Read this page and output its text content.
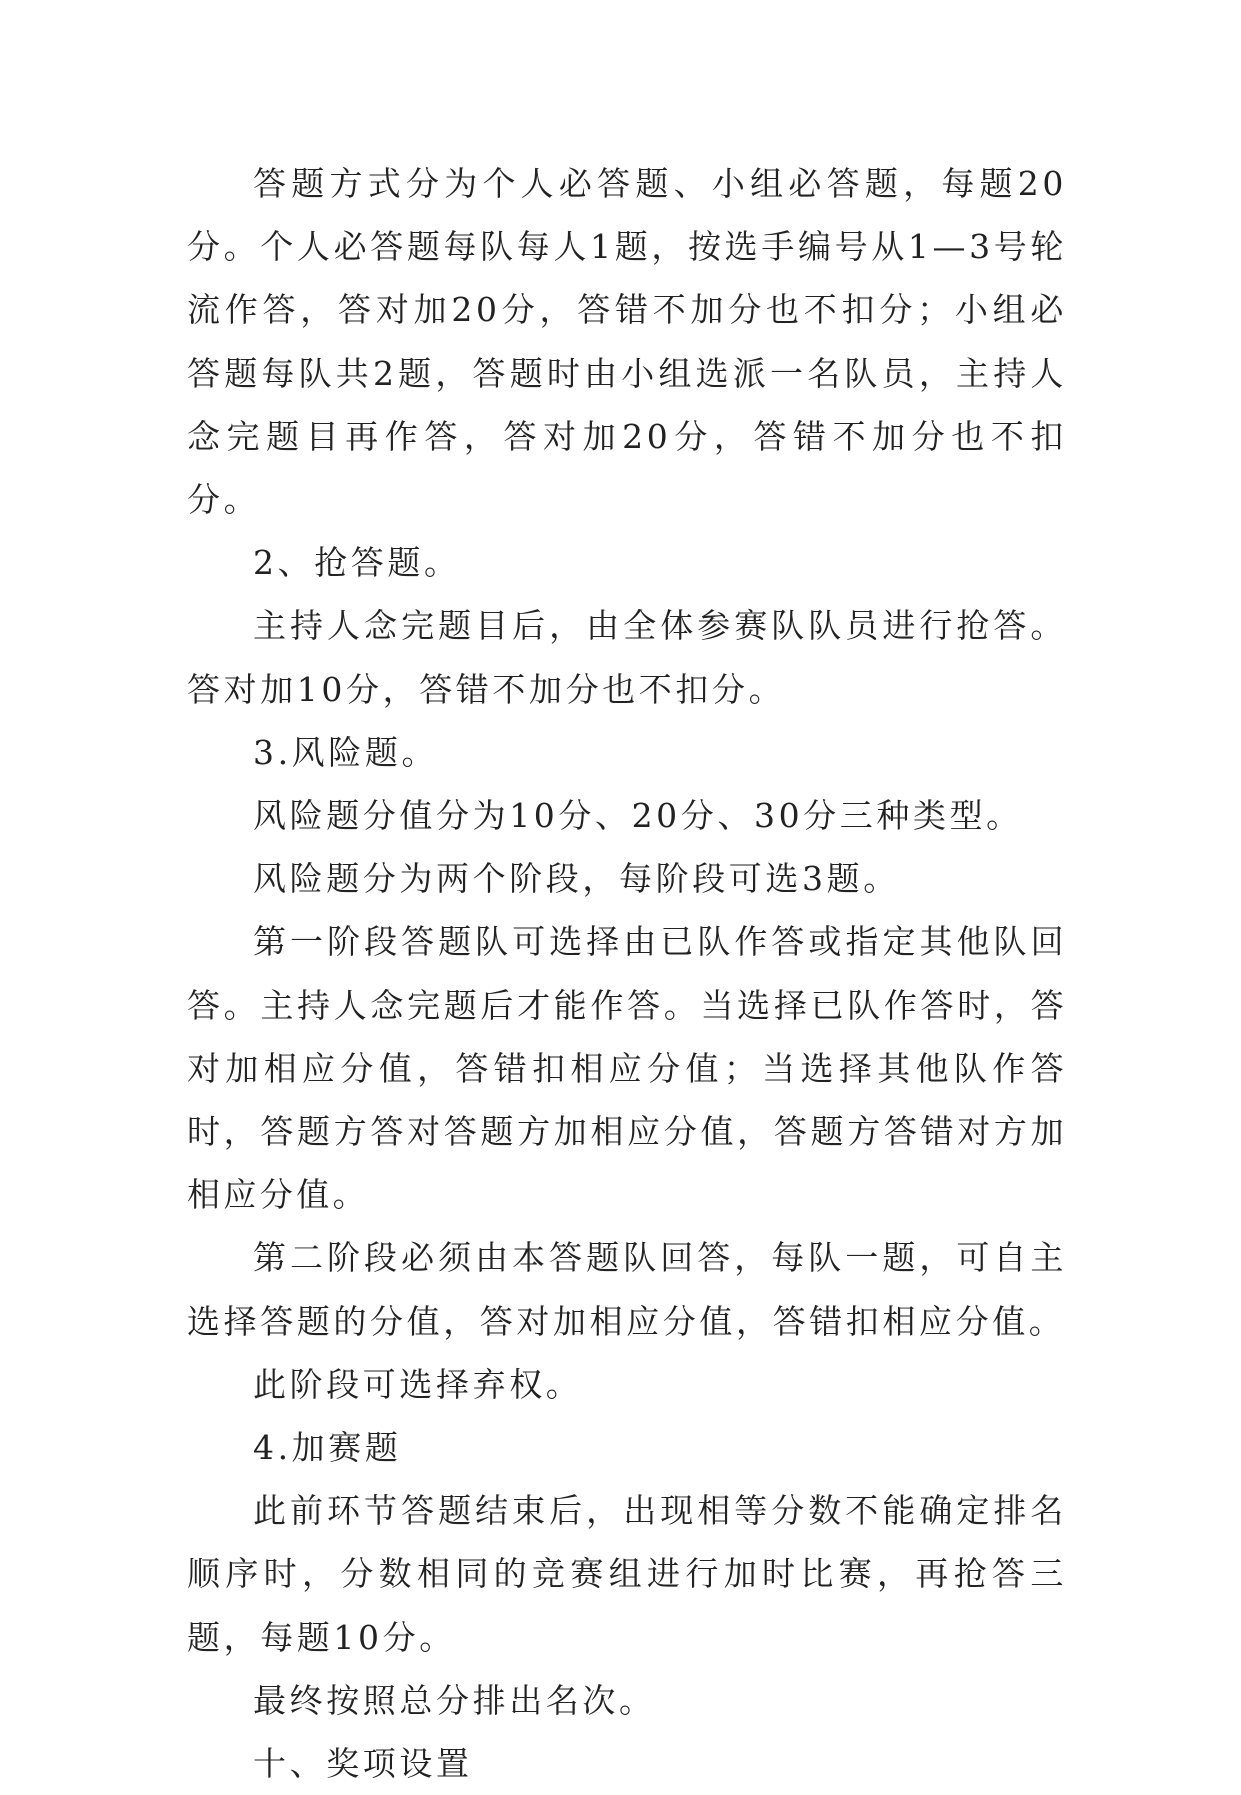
答题方式分为个人必答题、小组必答题，每题20分。个人必答题每队每人1题，按选手编号从1—3号轮流作答，答对加20分，答错不加分也不扣分；小组必答题每队共2题，答题时由小组选派一名队员，主持人念完题目再作答，答对加20分，答错不加分也不扣分。

2、抢答题。

主持人念完题目后，由全体参赛队队员进行抢答。答对加10分，答错不加分也不扣分。

3.风险题。

风险题分值分为10分、20分、30分三种类型。

风险题分为两个阶段，每阶段可选3题。

第一阶段答题队可选择由已队作答或指定其他队回答。主持人念完题后才能作答。当选择已队作答时，答对加相应分值，答错扣相应分值；当选择其他队作答时，答题方答对答题方加相应分值，答题方答错对方加相应分值。

第二阶段必须由本答题队回答，每队一题，可自主选择答题的分值，答对加相应分值，答错扣相应分值。

此阶段可选择弃权。

4.加赛题

此前环节答题结束后，出现相等分数不能确定排名顺序时，分数相同的竞赛组进行加时比赛，再抢答三题，每题10分。

最终按照总分排出名次。

十、奖项设置
